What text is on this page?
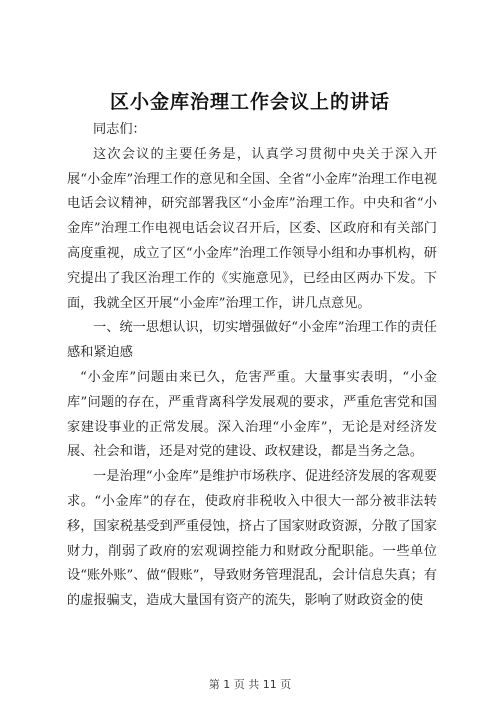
区小金库治理工作会议上的讲话

同志们：

这次会议的主要任务是，认真学习贯彻中央关于深入开展“小金库”治理工作的意见和全国、全省“小金库”治理工作电视电话会议精神，研究部署我区“小金库”治理工作。中央和省“小金库”治理工作电视电话会议召开后，区委、区政府和有关部门高度重视，成立了区“小金库”治理工作领导小组和办事机构，研究提出了我区治理工作的《实施意见》，已经由区两办下发。下面，我就全区开展“小金库”治理工作，讲几点意见。

一、统一思想认识，切实增强做好“小金库”治理工作的责任感和紧迫感

“小金库”问题由来已久，危害严重。大量事实表明，“小金库”问题的存在，严重背离科学发展观的要求，严重危害党和国家建设事业的正常发展。深入治理“小金库”，无论是对经济发展、社会和谐，还是对党的建设、政权建设，都是当务之急。

一是治理“小金库”是维护市场秩序、促进经济发展的客观要求。“小金库”的存在，使政府非税收入中很大一部分被非法转移，国家税基受到严重侵蚀，挤占了国家财政资源，分散了国家财力，削弱了政府的宏观调控能力和财政分配职能。一些单位设“账外账”、做“假账”，导致财务管理混乱，会计信息失真；有的虚报骗支，造成大量国有资产的流失，影响了财政资金的使

第 1 页 共 11 页
